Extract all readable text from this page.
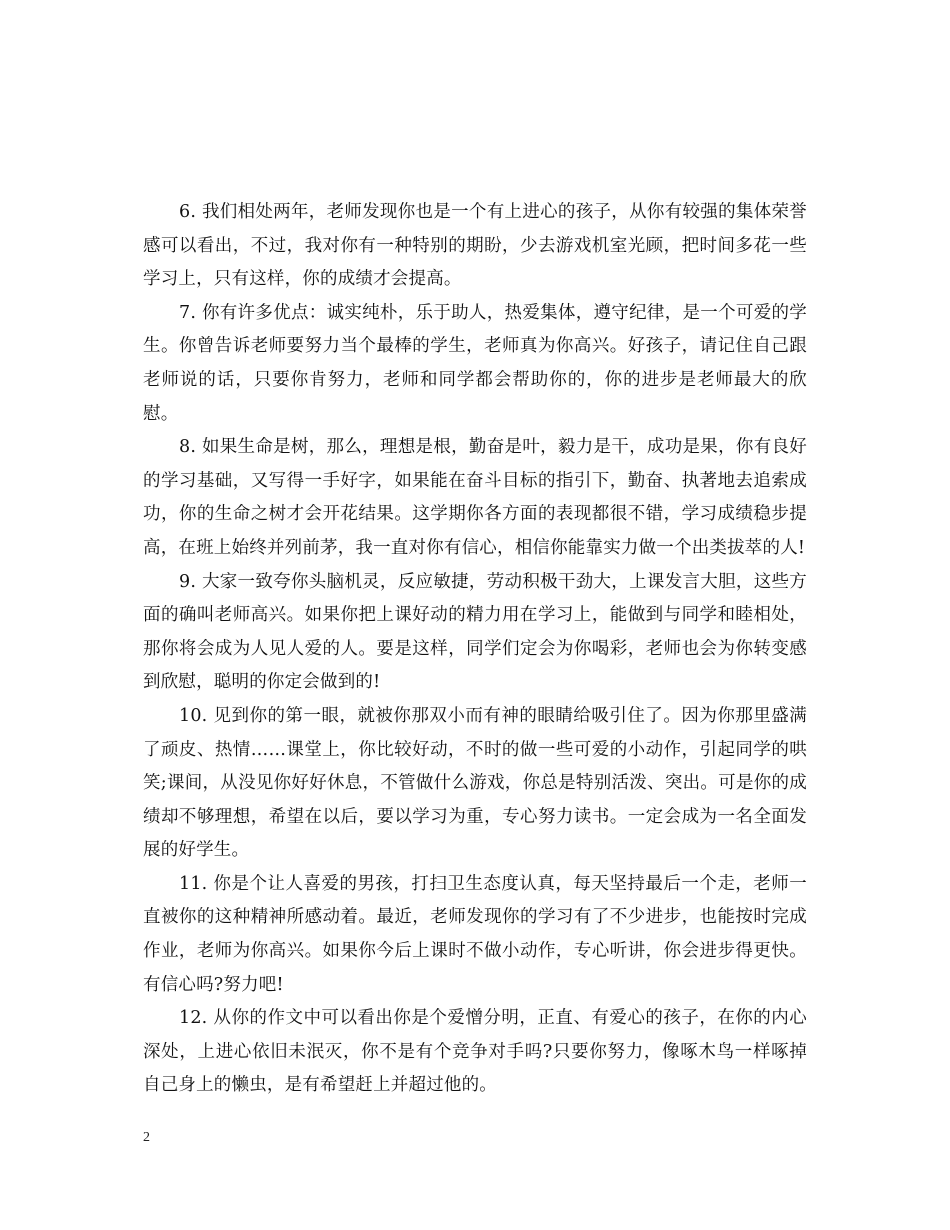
6. 我们相处两年，老师发现你也是一个有上进心的孩子，从你有较强的集体荣誉感可以看出，不过，我对你有一种特别的期盼，少去游戏机室光顾，把时间多花一些学习上，只有这样，你的成绩才会提高。

7. 你有许多优点：诚实纯朴，乐于助人，热爱集体，遵守纪律，是一个可爱的学生。你曾告诉老师要努力当个最棒的学生，老师真为你高兴。好孩子，请记住自己跟老师说的话，只要你肯努力，老师和同学都会帮助你的，你的进步是老师最大的欣慰。

8. 如果生命是树，那么，理想是根，勤奋是叶，毅力是干，成功是果，你有良好的学习基础，又写得一手好字，如果能在奋斗目标的指引下，勤奋、执著地去追索成功，你的生命之树才会开花结果。这学期你各方面的表现都很不错，学习成绩稳步提高，在班上始终并列前茅，我一直对你有信心，相信你能靠实力做一个出类拔萃的人!

9. 大家一致夸你头脑机灵，反应敏捷，劳动积极干劲大，上课发言大胆，这些方面的确叫老师高兴。如果你把上课好动的精力用在学习上，能做到与同学和睦相处，那你将会成为人见人爱的人。要是这样，同学们定会为你喝彩，老师也会为你转变感到欣慰，聪明的你定会做到的!

10. 见到你的第一眼，就被你那双小而有神的眼睛给吸引住了。因为你那里盛满了顽皮、热情……课堂上，你比较好动，不时的做一些可爱的小动作，引起同学的哄笑;课间，从没见你好好休息，不管做什么游戏，你总是特别活泼、突出。可是你的成绩却不够理想，希望在以后，要以学习为重，专心努力读书。一定会成为一名全面发展的好学生。

11. 你是个让人喜爱的男孩，打扫卫生态度认真，每天坚持最后一个走，老师一直被你的这种精神所感动着。最近，老师发现你的学习有了不少进步，也能按时完成作业，老师为你高兴。如果你今后上课时不做小动作，专心听讲，你会进步得更快。有信心吗?努力吧!

12. 从你的作文中可以看出你是个爱憎分明，正直、有爱心的孩子，在你的内心深处，上进心依旧未泯灭，你不是有个竞争对手吗?只要你努力，像啄木鸟一样啄掉自己身上的懒虫，是有希望赶上并超过他的。

2
